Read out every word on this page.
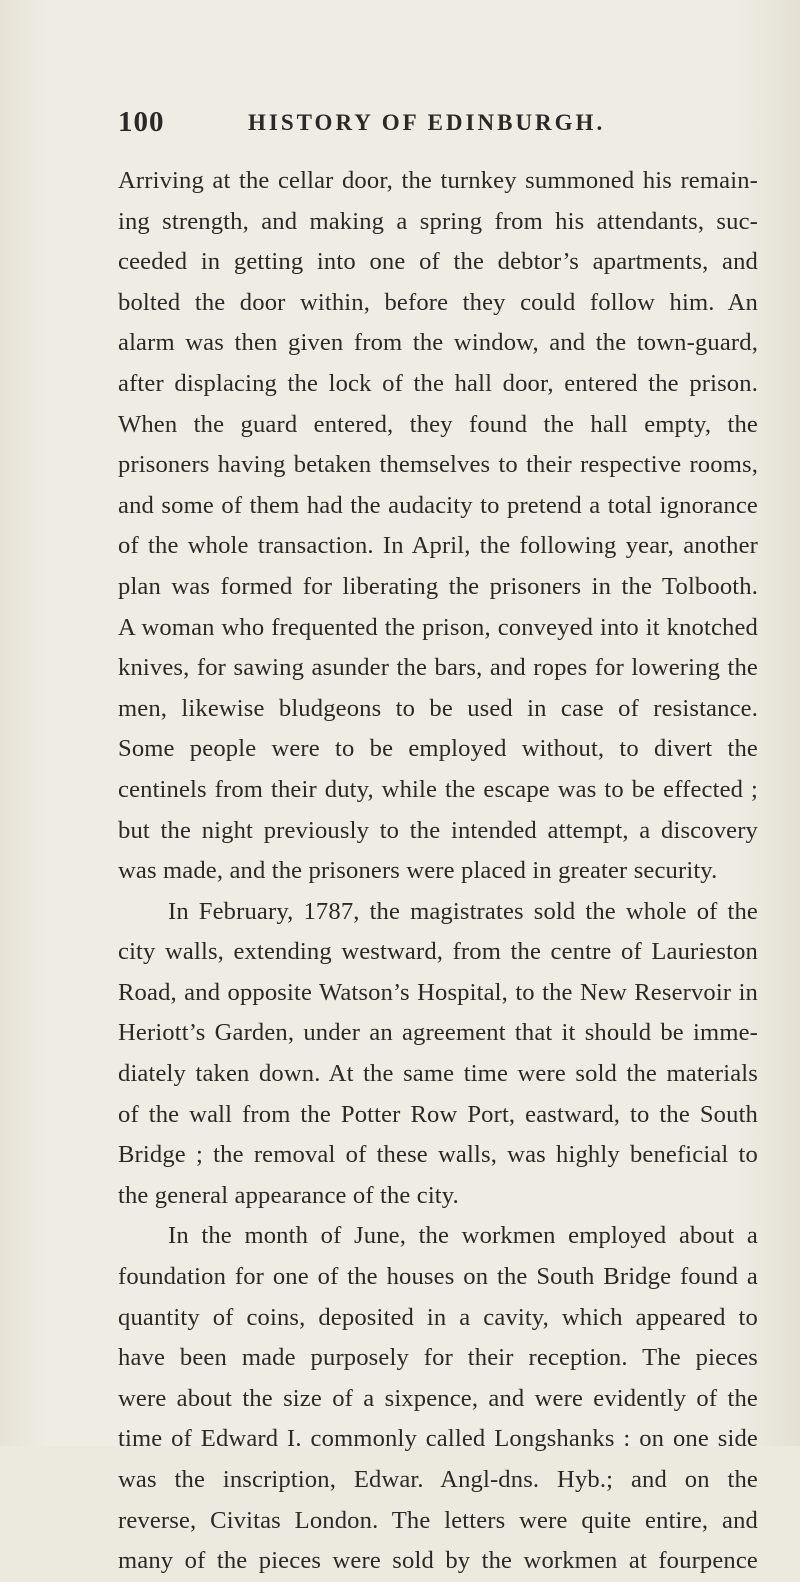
100	HISTORY OF EDINBURGH.
Arriving at the cellar door, the turnkey summoned his remain-
ing strength, and making a spring from his attendants, suc-
ceeded in getting into one of the debtor’s apartments, and
bolted the door within, before they could follow him. An
alarm was then given from the window, and the town-guard,
after displacing the lock of the hall door, entered the prison.
When the guard entered, they found the hall empty, the
prisoners having betaken themselves to their respective rooms,
and some of them had the audacity to pretend a total ignorance
of the whole transaction. In April, the following year, another
plan was formed for liberating the prisoners in the Tolbooth.
A woman who frequented the prison, conveyed into it knotched
knives, for sawing asunder the bars, and ropes for lowering the
men, likewise bludgeons to be used in case of resistance.
Some people were to be employed without, to divert the
centinels from their duty, while the escape was to be effected ;
but the night previously to the intended attempt, a discovery
was made, and the prisoners were placed in greater security.
In February, 1787, the magistrates sold the whole of the
city walls, extending westward, from the centre of Laurieston
Road, and opposite Watson’s Hospital, to the New Reservoir in
Heriott’s Garden, under an agreement that it should be imme-
diately taken down. At the same time were sold the materials
of the wall from the Potter Row Port, eastward, to the South
Bridge ; the removal of these walls, was highly beneficial to
the general appearance of the city.
In the month of June, the workmen employed about a
foundation for one of the houses on the South Bridge found a
quantity of coins, deposited in a cavity, which appeared to
have been made purposely for their reception. The pieces
were about the size of a sixpence, and were evidently of the
time of Edward I. commonly called Longshanks : on one side
was the inscription, Edwar. Angl-dns. Hyb.; and on the
reverse, Civitas London. The letters were quite entire, and
many of the pieces were sold by the workmen at fourpence
